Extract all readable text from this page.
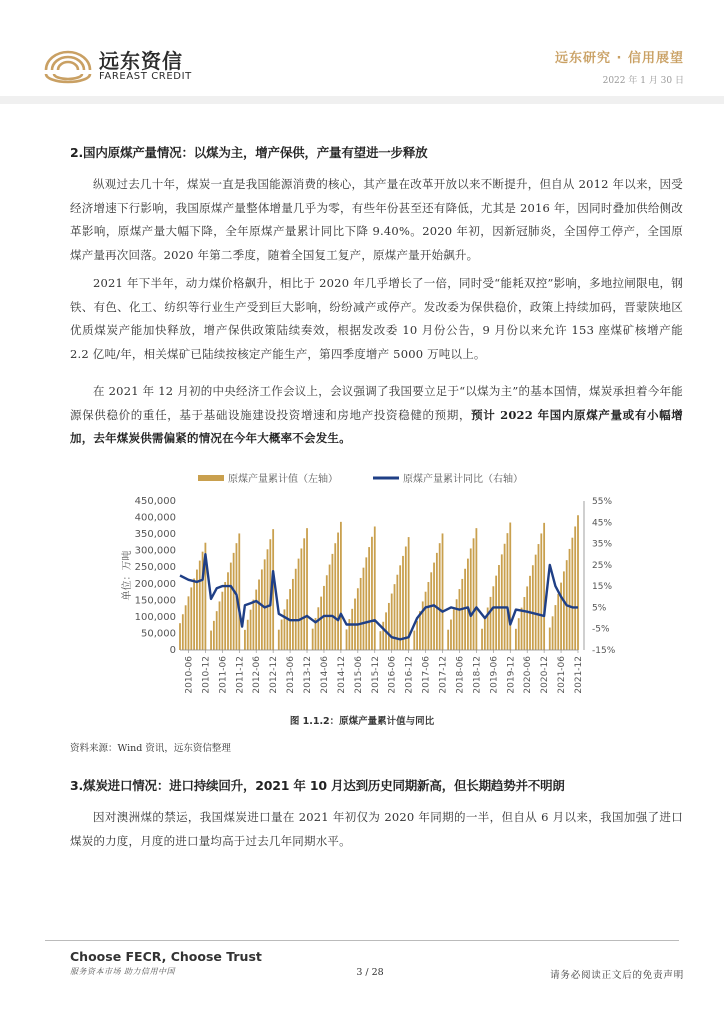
远东资信
FAREAST CREDIT
远东研究 · 信用展望
2022 年 1 月 30 日
2.国内原煤产量情况：以煤为主，增产保供，产量有望进一步释放
纵观过去几十年，煤炭一直是我国能源消费的核心，其产量在改革开放以来不断提升，但自从 2012 年以来，因受经济增速下行影响，我国原煤产量整体增量几乎为零，有些年份甚至还有降低，尤其是 2016 年，因同时叠加供给侧改革影响，原煤产量大幅下降，全年原煤产量累计同比下降 9.40%。2020 年初，因新冠肺炎，全国停工停产，全国原煤产量再次回落。2020 年第二季度，随着全国复工复产，原煤产量开始飙升。
2021 年下半年，动力煤价格飙升，相比于 2020 年几乎增长了一倍，同时受“能耗双控”影响，多地拉闸限电，钢铁、有色、化工、纺织等行业生产受到巨大影响，纷纷减产或停产。发改委为保供稳价，政策上持续加码，晋蒙陕地区优质煤炭产能加快释放，增产保供政策陆续奏效，根据发改委 10 月份公告，9 月份以来允许 153 座煤矿核增产能 2.2 亿吨/年，相关煤矿已陆续按核定产能生产，第四季度增产 5000 万吨以上。
在 2021 年 12 月初的中央经济工作会议上，会议强调了我国要立足于“以煤为主”的基本国情，煤炭承担着今年能源保供稳价的重任，基于基础设施建设投资增速和房地产投资稳健的预期，预计 2022 年国内原煤产量或有小幅增加，去年煤炭供需偏紧的情况在今年大概率不会发生。
原煤产量累计值（左轴）	原煤产量累计同比（右轴）
0
50,000
100,000
150,000
200,000
250,000
300,000
350,000
400,000
450,000
-15%
-5%
5%
15%
25%
35%
45%
55%
单位：万吨
2010-06 2010-12 2011-06 2011-12 2012-06 2012-12 2013-06 2013-12 2014-06 2014-12 2015-06 2015-12 2016-06 2016-12 2017-06 2017-12 2018-06 2018-12 2019-06 2019-12 2020-06 2020-12 2021-06 2021-12
图 1.1.2：原煤产量累计值与同比
资料来源：Wind 资讯，远东资信整理
3.煤炭进口情况：进口持续回升，2021 年 10 月达到历史同期新高，但长期趋势并不明朗
因对澳洲煤的禁运，我国煤炭进口量在 2021 年初仅为 2020 年同期的一半，但自从 6 月以来，我国加强了进口煤炭的力度，月度的进口量均高于过去几年同期水平。
Choose FECR, Choose Trust
服务资本市场 助力信用中国	3 / 28	请务必阅读正文后的免责声明
